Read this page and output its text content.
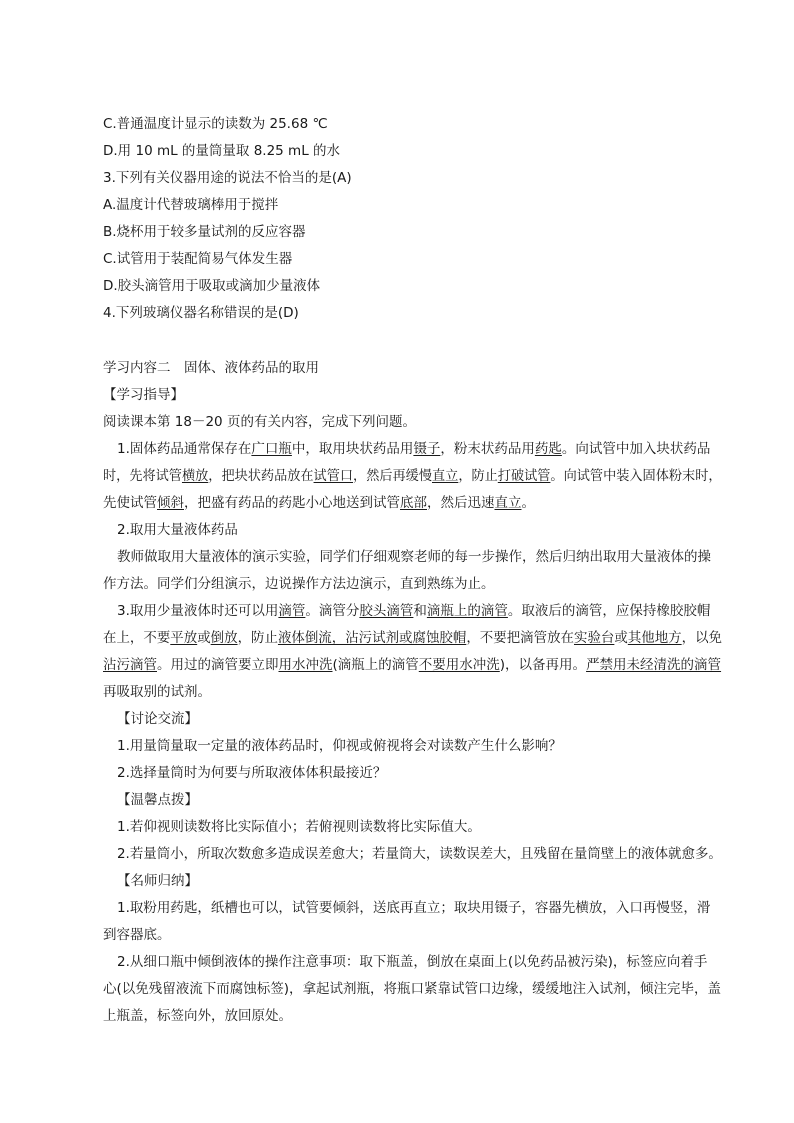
C.普通温度计显示的读数为 25.68 ℃
D.用 10 mL 的量筒量取 8.25 mL 的水
3.下列有关仪器用途的说法不恰当的是(A)
A.温度计代替玻璃棒用于搅拌
B.烧杯用于较多量试剂的反应容器
C.试管用于装配简易气体发生器
D.胶头滴管用于吸取或滴加少量液体
4.下列玻璃仪器名称错误的是(D)
学习内容二　固体、液体药品的取用
【学习指导】
阅读课本第 18－20 页的有关内容，完成下列问题。
1.固体药品通常保存在广口瓶中，取用块状药品用镊子，粉末状药品用药匙。向试管中加入块状药品
时，先将试管横放，把块状药品放在试管口，然后再缓慢直立，防止打破试管。向试管中装入固体粉末时，
先使试管倾斜，把盛有药品的药匙小心地送到试管底部，然后迅速直立。
2.取用大量液体药品
教师做取用大量液体的演示实验，同学们仔细观察老师的每一步操作，然后归纳出取用大量液体的操
作方法。同学们分组演示，边说操作方法边演示，直到熟练为止。
3.取用少量液体时还可以用滴管。滴管分胶头滴管和滴瓶上的滴管。取液后的滴管，应保持橡胶胶帽
在上，不要平放或倒放，防止液体倒流，沾污试剂或腐蚀胶帽，不要把滴管放在实验台或其他地方，以免
沾污滴管。用过的滴管要立即用水冲洗(滴瓶上的滴管不要用水冲洗)，以备再用。严禁用未经清洗的滴管
再吸取别的试剂。
【讨论交流】
1.用量筒量取一定量的液体药品时，仰视或俯视将会对读数产生什么影响？
2.选择量筒时为何要与所取液体体积最接近？
【温馨点拨】
1.若仰视则读数将比实际值小；若俯视则读数将比实际值大。
2.若量筒小，所取次数愈多造成误差愈大；若量筒大，读数误差大，且残留在量筒壁上的液体就愈多。
【名师归纳】
1.取粉用药匙，纸槽也可以，试管要倾斜，送底再直立；取块用镊子，容器先横放，入口再慢竖，滑
到容器底。
2.从细口瓶中倾倒液体的操作注意事项：取下瓶盖，倒放在桌面上(以免药品被污染)，标签应向着手
心(以免残留液流下而腐蚀标签)，拿起试剂瓶，将瓶口紧靠试管口边缘，缓缓地注入试剂，倾注完毕，盖
上瓶盖，标签向外，放回原处。
